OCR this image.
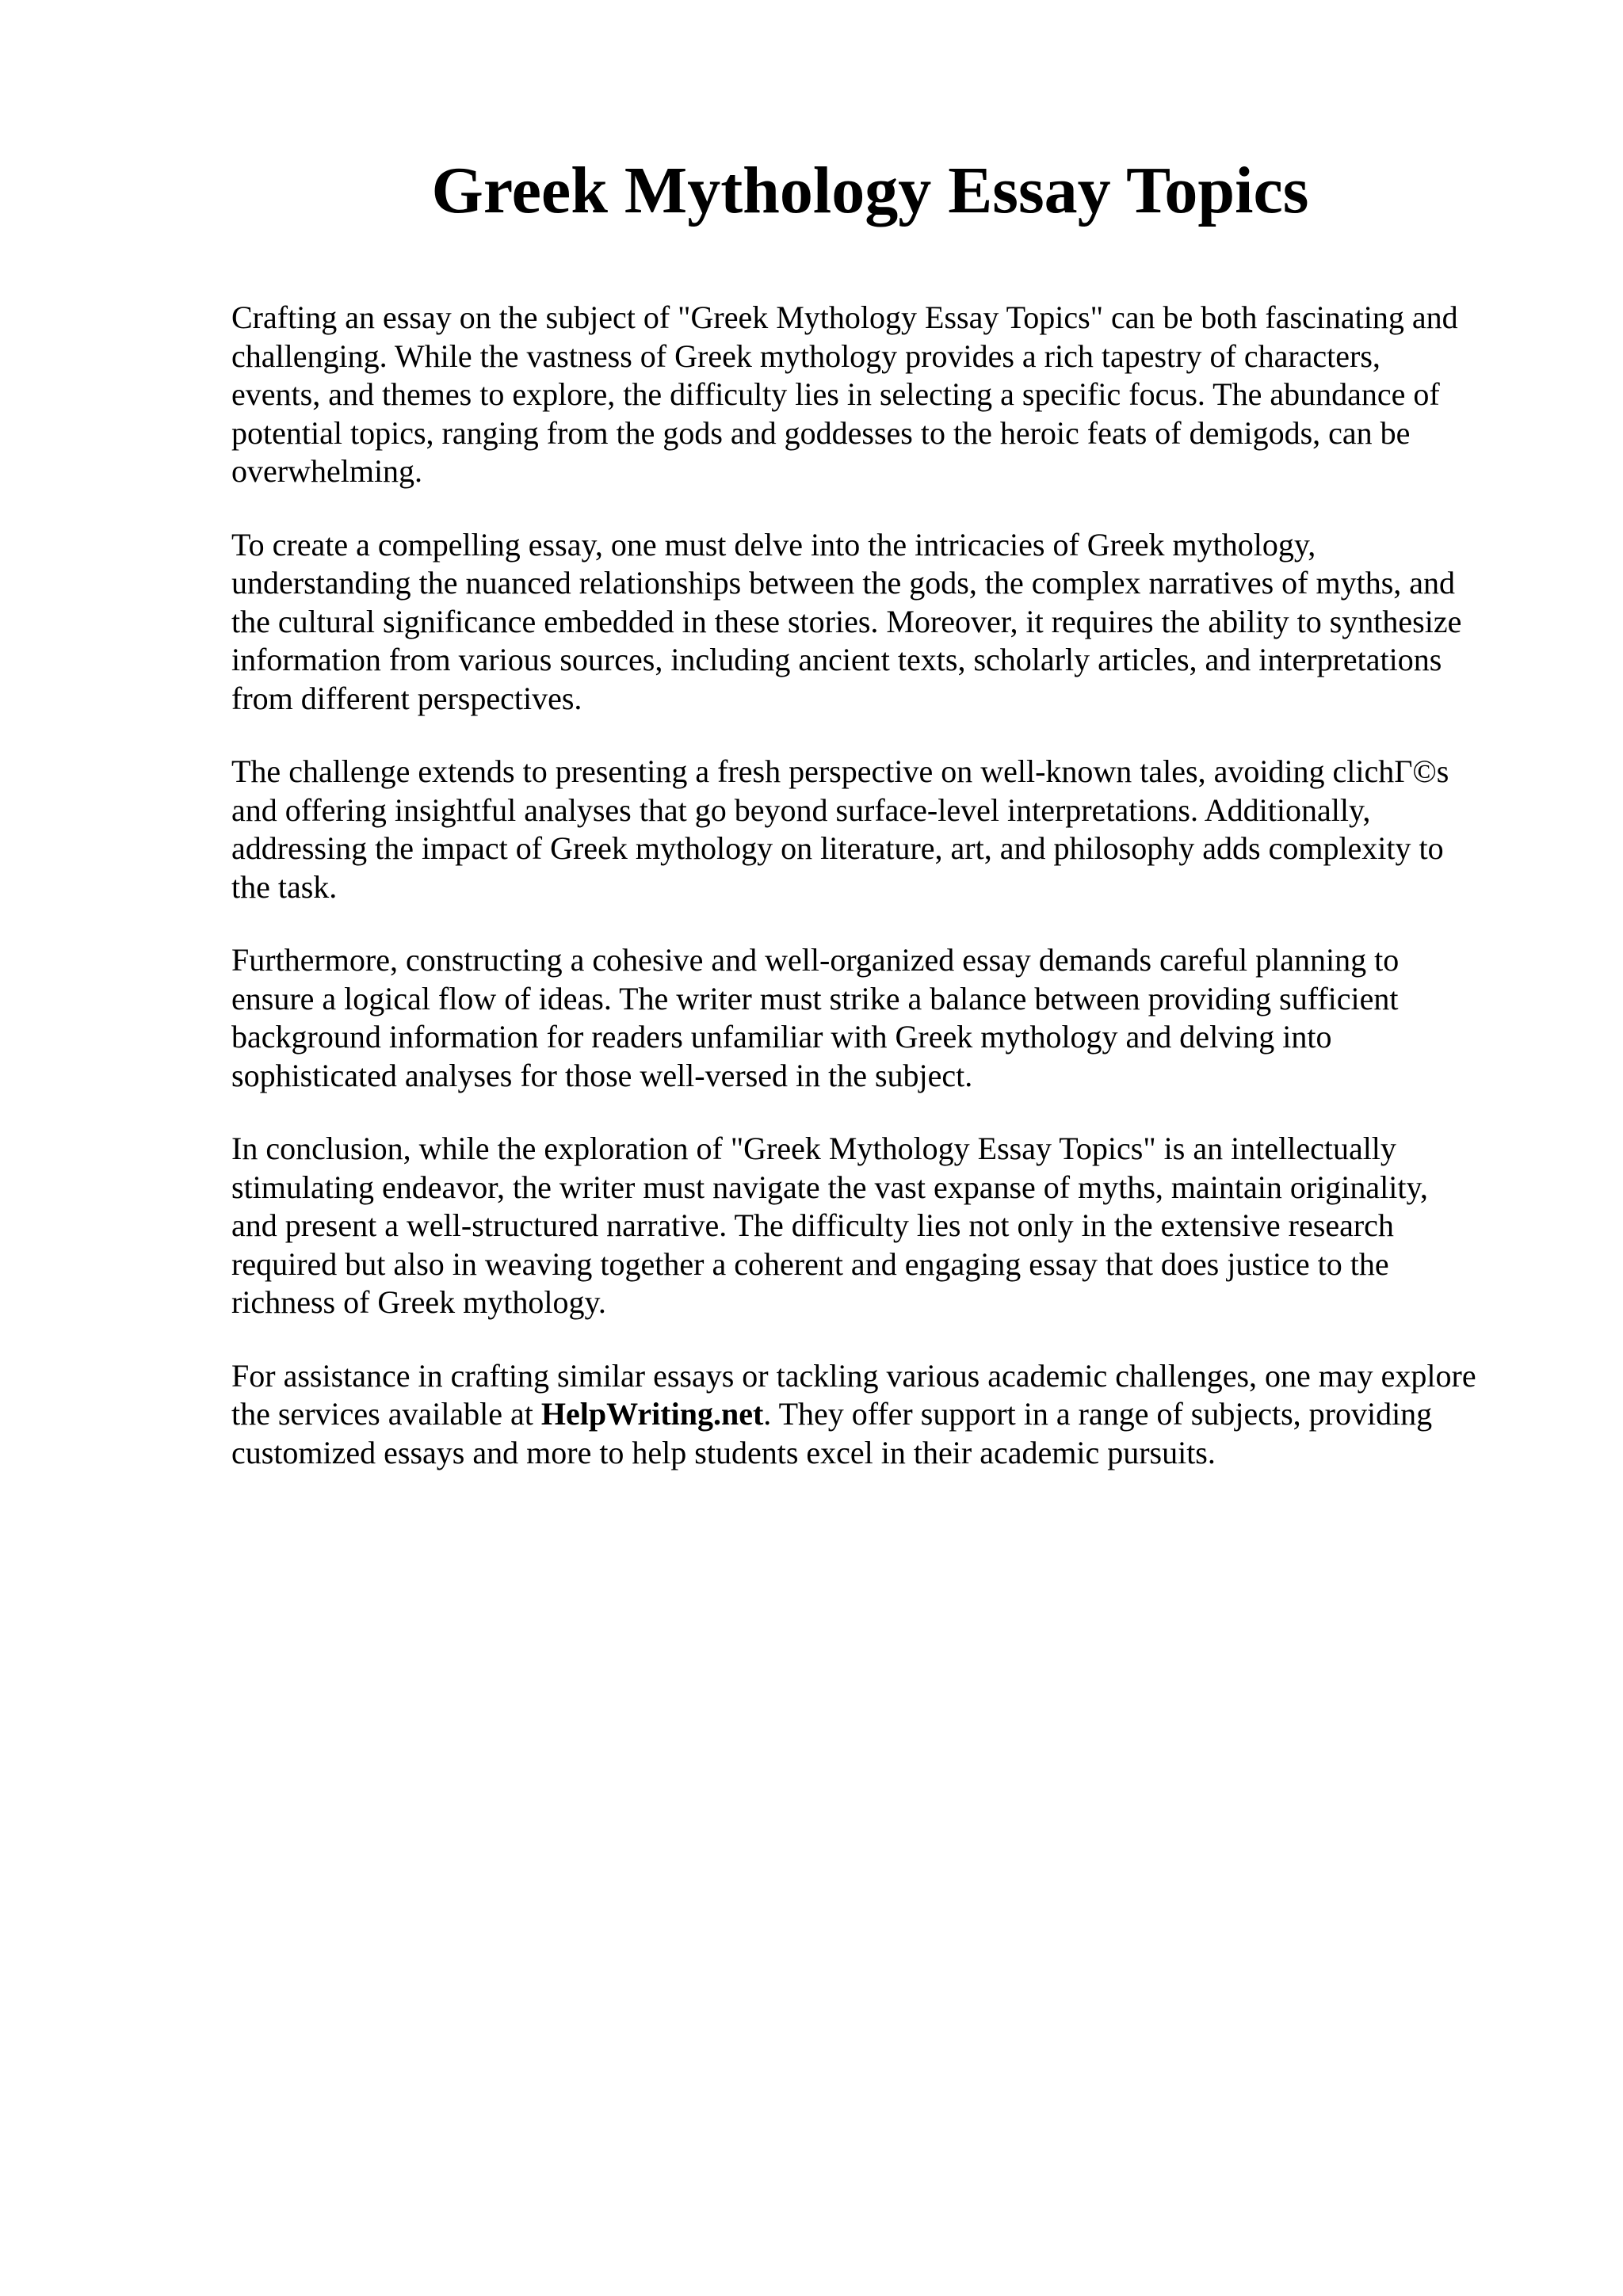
Greek Mythology Essay Topics

Crafting an essay on the subject of "Greek Mythology Essay Topics" can be both fascinating and
challenging. While the vastness of Greek mythology provides a rich tapestry of characters,
events, and themes to explore, the difficulty lies in selecting a specific focus. The abundance of
potential topics, ranging from the gods and goddesses to the heroic feats of demigods, can be
overwhelming.

To create a compelling essay, one must delve into the intricacies of Greek mythology,
understanding the nuanced relationships between the gods, the complex narratives of myths, and
the cultural significance embedded in these stories. Moreover, it requires the ability to synthesize
information from various sources, including ancient texts, scholarly articles, and interpretations
from different perspectives.

The challenge extends to presenting a fresh perspective on well-known tales, avoiding clichΓ©s
and offering insightful analyses that go beyond surface-level interpretations. Additionally,
addressing the impact of Greek mythology on literature, art, and philosophy adds complexity to
the task.

Furthermore, constructing a cohesive and well-organized essay demands careful planning to
ensure a logical flow of ideas. The writer must strike a balance between providing sufficient
background information for readers unfamiliar with Greek mythology and delving into
sophisticated analyses for those well-versed in the subject.

In conclusion, while the exploration of "Greek Mythology Essay Topics" is an intellectually
stimulating endeavor, the writer must navigate the vast expanse of myths, maintain originality,
and present a well-structured narrative. The difficulty lies not only in the extensive research
required but also in weaving together a coherent and engaging essay that does justice to the
richness of Greek mythology.

For assistance in crafting similar essays or tackling various academic challenges, one may explore
the services available at HelpWriting.net. They offer support in a range of subjects, providing
customized essays and more to help students excel in their academic pursuits.
